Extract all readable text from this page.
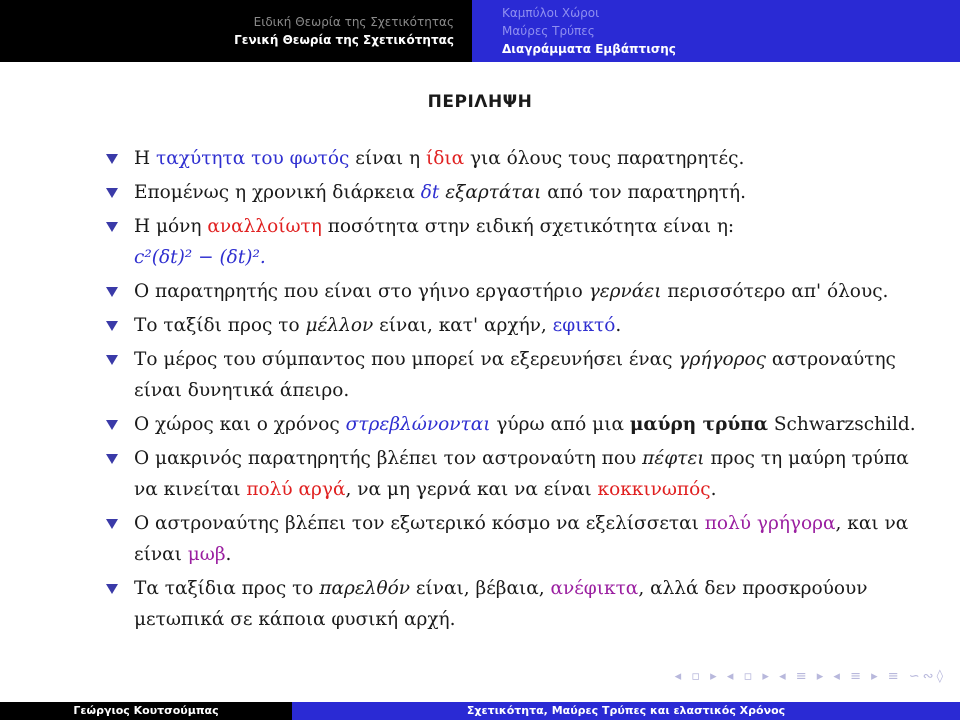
Ειδική Θεωρία της Σχετικότητας
Γενική Θεωρία της Σχετικότητας
Καμπύλοι Χώροι
Μαύρες Τρύπες
Διαγράμματα Εμβάπτισης
ΠΕΡΙΛΗΨΗ
Η ταχύτητα του φωτός είναι η ίδια για όλους τους παρατηρητές.
Επομένως η χρονική διάρκεια δt εξαρτάται από τον παρατηρητή.
Η μόνη αναλλοίωτη ποσότητα στην ειδική σχετικότητα είναι η:
c²(δt)² − (δt)².
Ο παρατηρητής που είναι στο γήινο εργαστήριο γερνάει περισσότερο απ' όλους.
Το ταξίδι προς το μέλλον είναι, κατ' αρχήν, εφικτό.
Το μέρος του σύμπαντος που μπορεί να εξερευνήσει ένας γρήγορος αστροναύτης είναι δυνητικά άπειρο.
Ο χώρος και ο χρόνος στρεβλώνονται γύρω από μια μαύρη τρύπα Schwarzschild.
Ο μακρινός παρατηρητής βλέπει τον αστροναύτη που πέφτει προς τη μαύρη τρύπα να κινείται πολύ αργά, να μη γερνά και να είναι κοκκινωπός.
Ο αστροναύτης βλέπει τον εξωτερικό κόσμο να εξελίσσεται πολύ γρήγορα, και να είναι μωβ.
Τα ταξίδια προς το παρελθόν είναι, βέβαια, ανέφικτα, αλλά δεν προσκρούουν μετωπικά σε κάποια φυσική αρχή.
◂ ▫ ▸ ◂ ▫ ▸ ◂ ≡ ▸ ◂ ≡ ▸ ≡ ∽∾◊
Γεώργιος Κουτσούμπας	Σχετικότητα, Μαύρες Τρύπες και ελαστικός Χρόνος
